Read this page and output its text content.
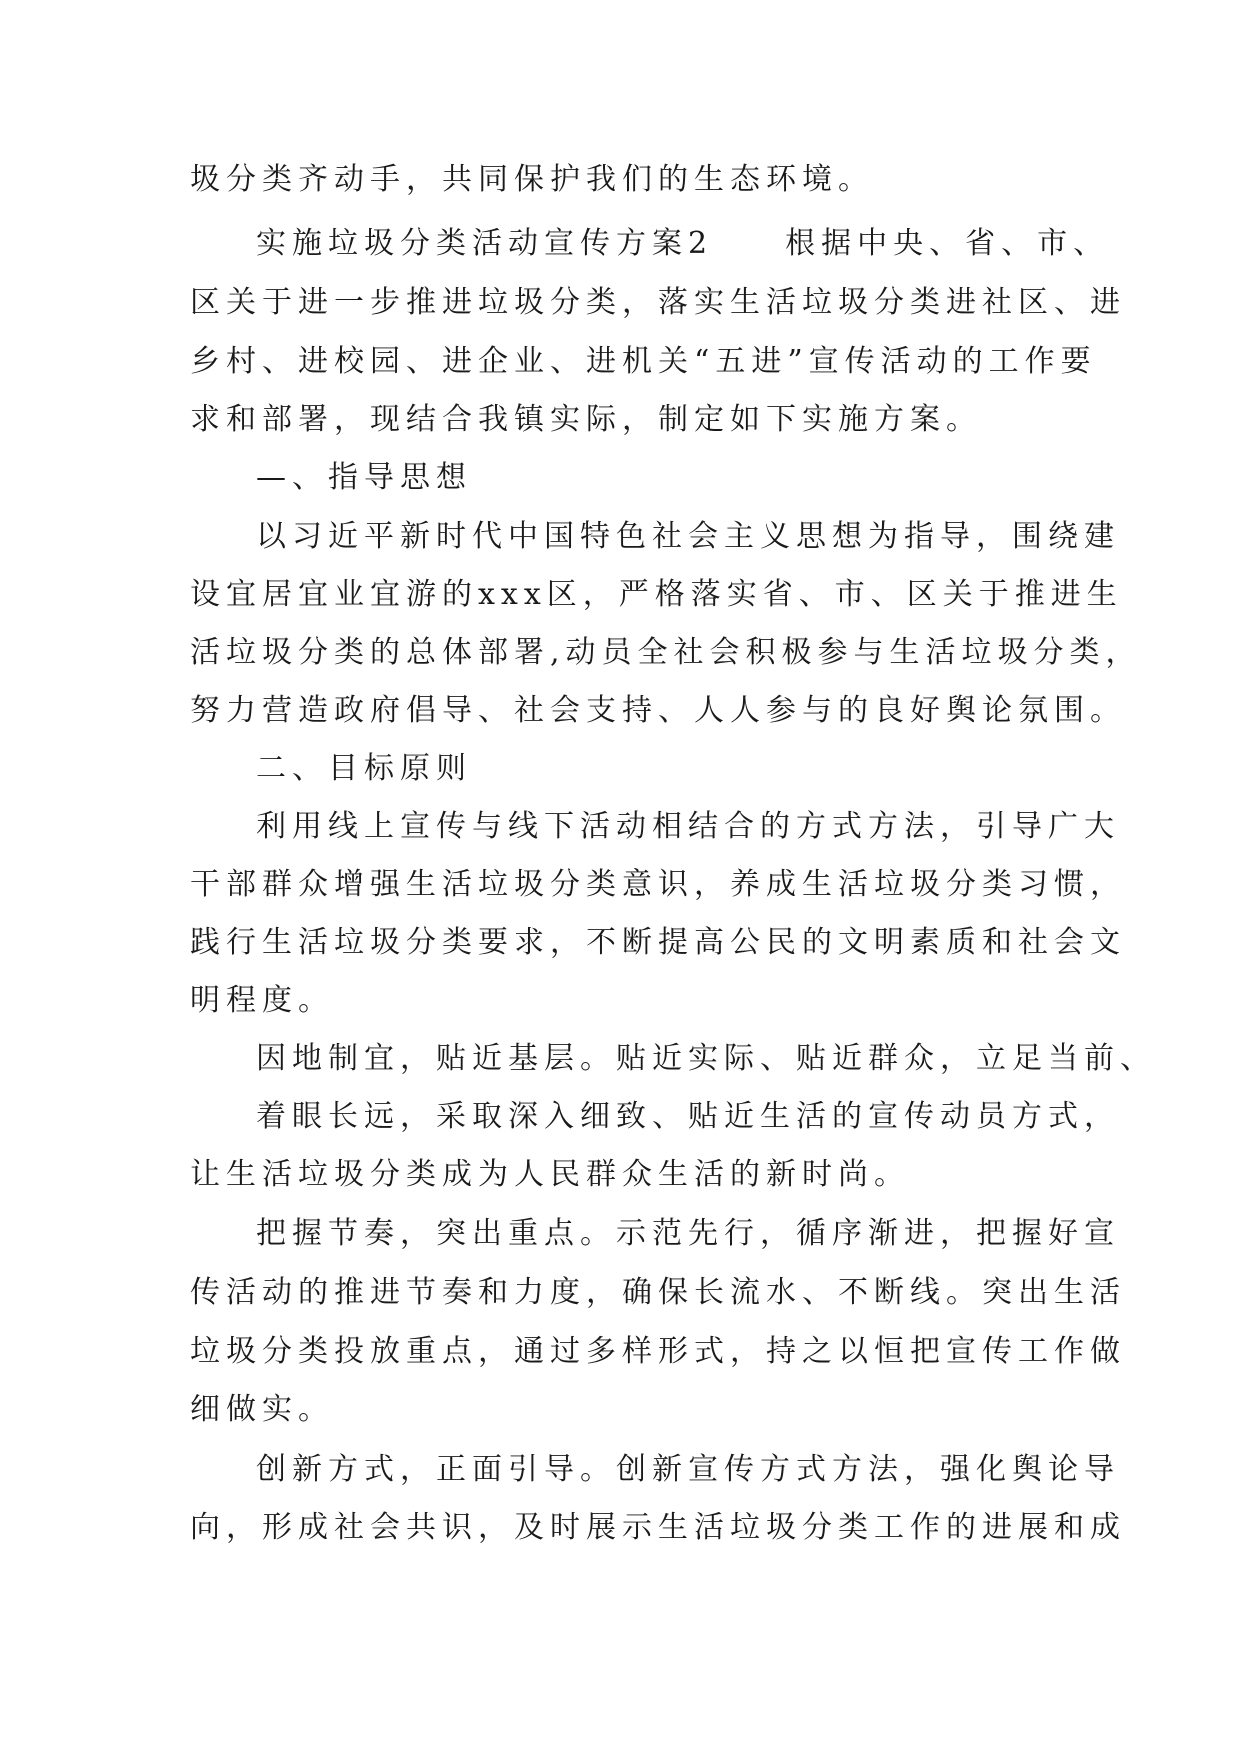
圾分类齐动手，共同保护我们的生态环境。
实施垃圾分类活动宣传方案2　　根据中央、省、市、
区关于进一步推进垃圾分类，落实生活垃圾分类进社区、进
乡村、进校园、进企业、进机关“五进”宣传活动的工作要
求和部署，现结合我镇实际，制定如下实施方案。
—、指导思想
以习近平新时代中国特色社会主义思想为指导，围绕建
设宜居宜业宜游的xxx区，严格落实省、市、区关于推进生
活垃圾分类的总体部署,动员全社会积极参与生活垃圾分类，
努力营造政府倡导、社会支持、人人参与的良好舆论氛围。
二、目标原则
利用线上宣传与线下活动相结合的方式方法，引导广大
干部群众增强生活垃圾分类意识，养成生活垃圾分类习惯，
践行生活垃圾分类要求，不断提高公民的文明素质和社会文
明程度。
因地制宜，贴近基层。贴近实际、贴近群众，立足当前、
着眼长远，采取深入细致、贴近生活的宣传动员方式，
让生活垃圾分类成为人民群众生活的新时尚。
把握节奏，突出重点。示范先行，循序渐进，把握好宣
传活动的推进节奏和力度，确保长流水、不断线。突出生活
垃圾分类投放重点，通过多样形式，持之以恒把宣传工作做
细做实。
创新方式，正面引导。创新宣传方式方法，强化舆论导
向，形成社会共识，及时展示生活垃圾分类工作的进展和成
